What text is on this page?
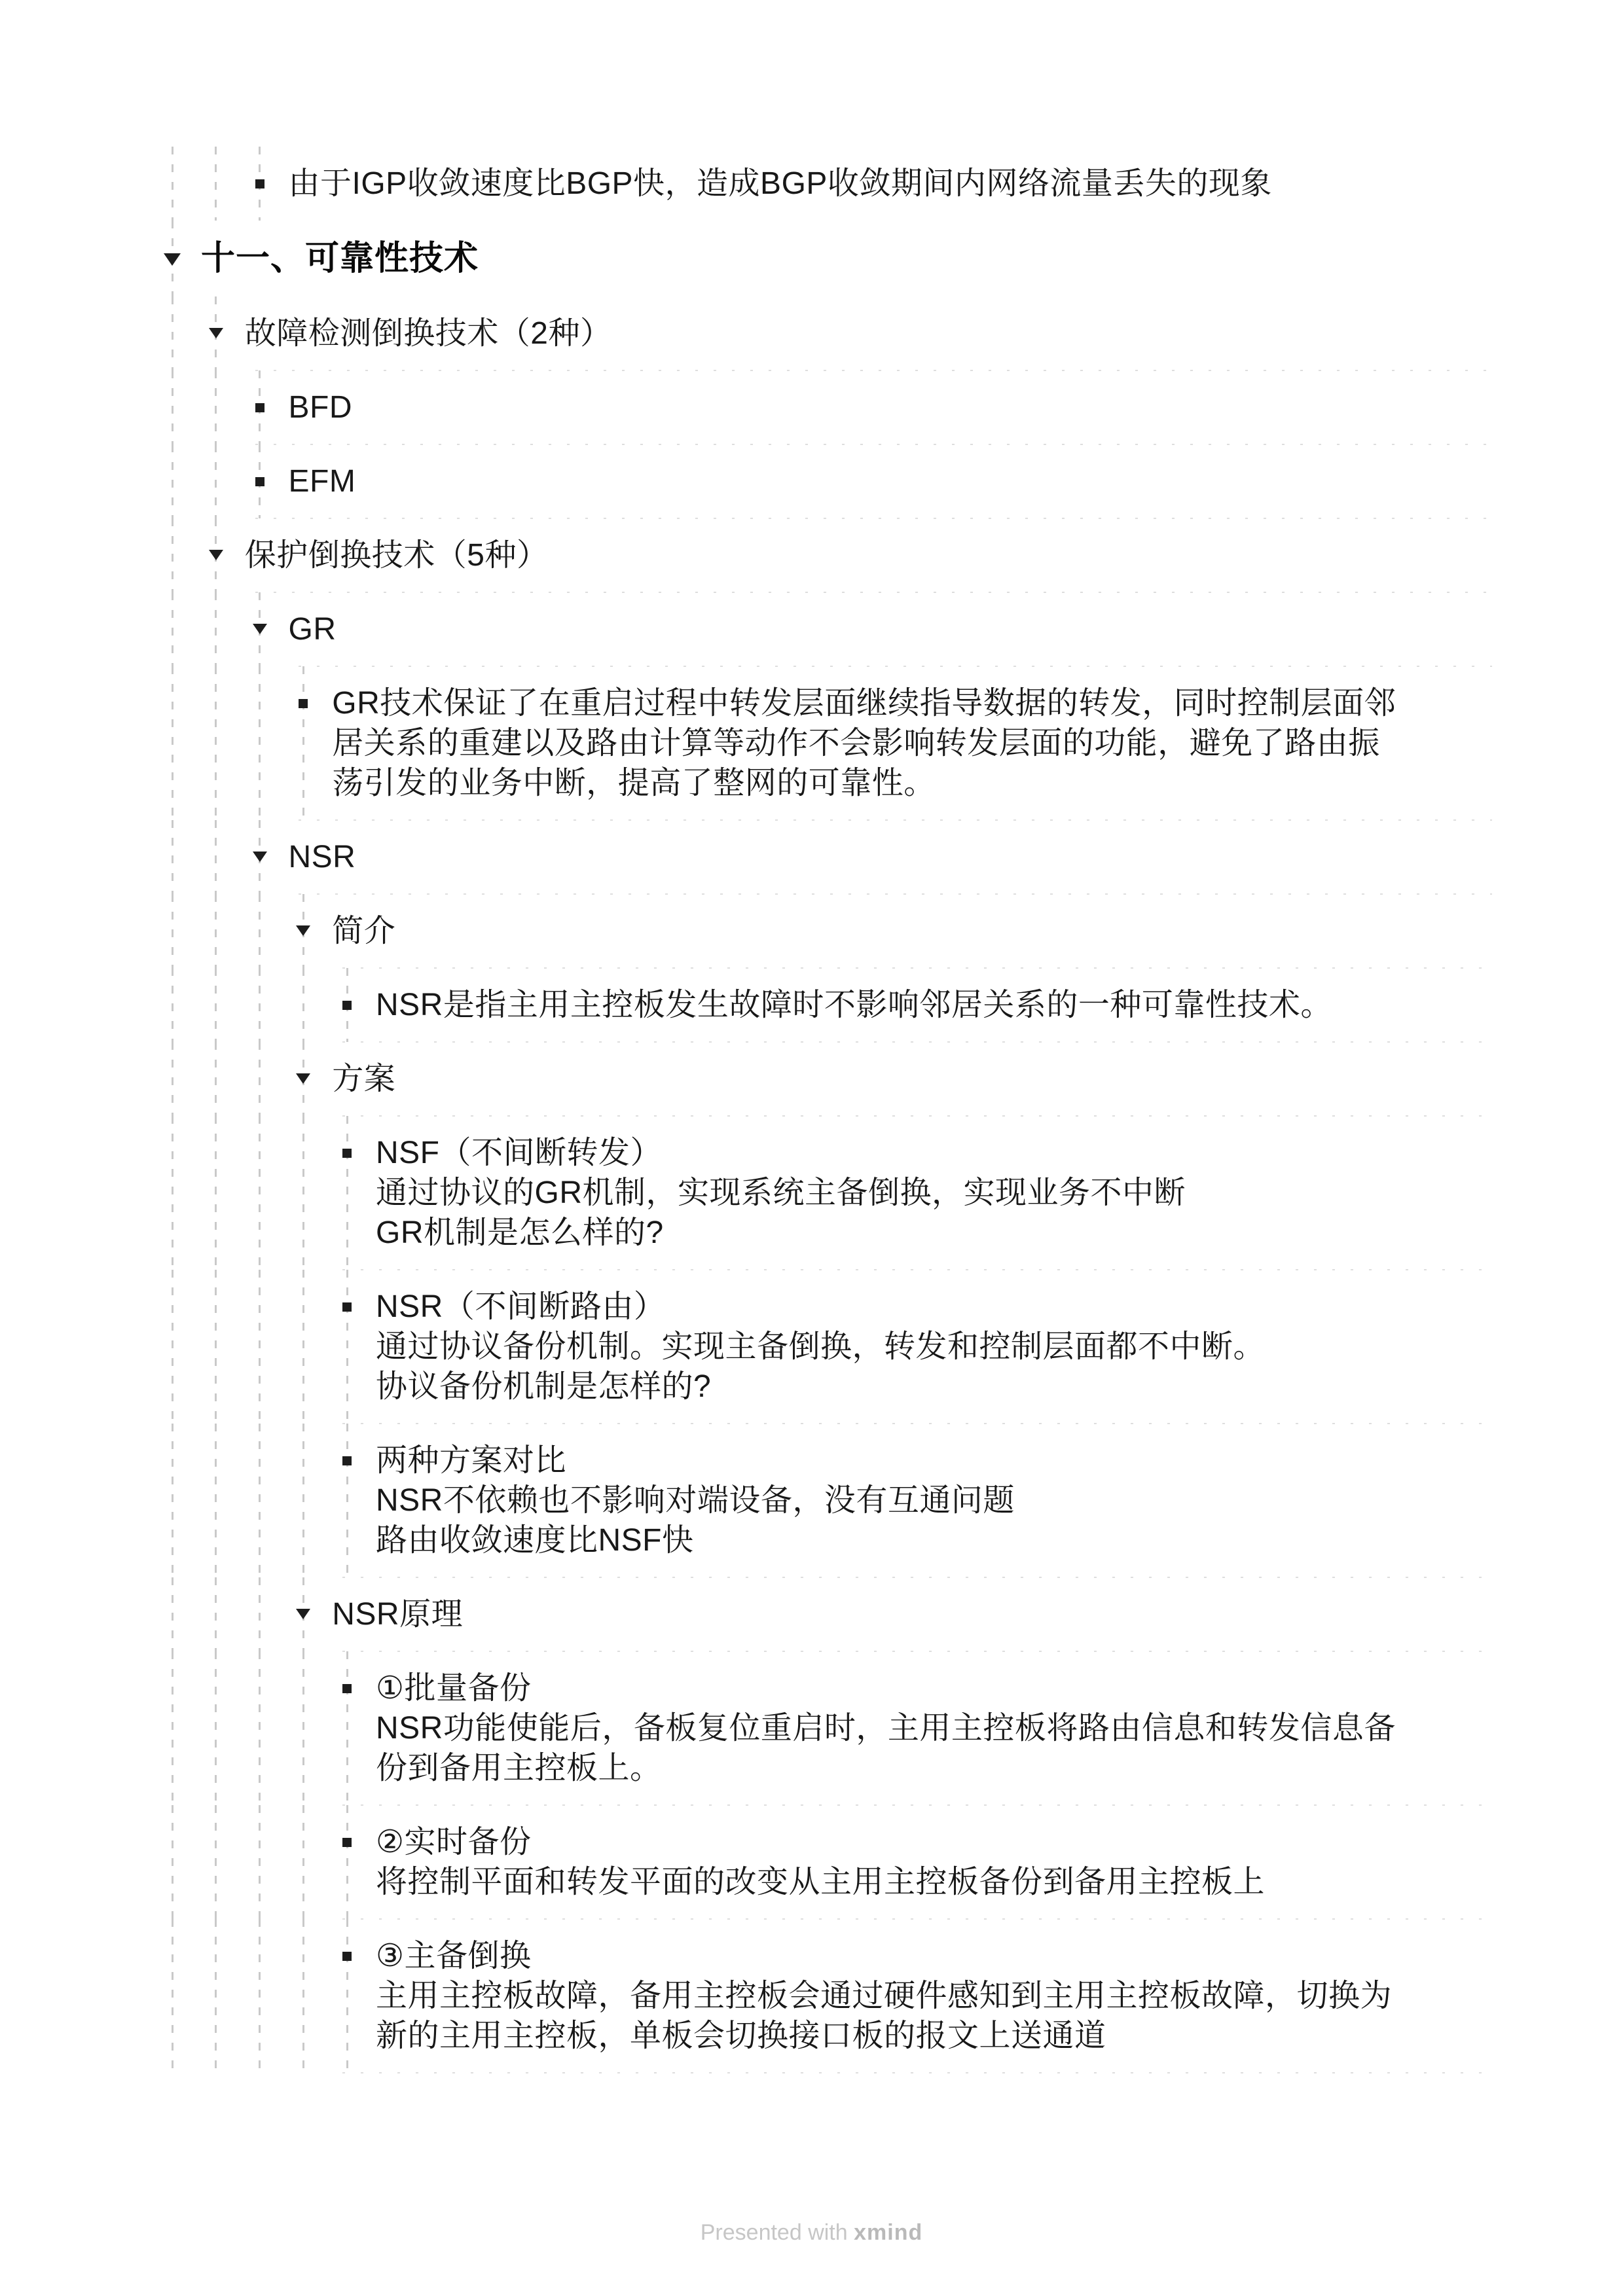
由于IGP收敛速度比BGP快，造成BGP收敛期间内网络流量丢失的现象
十一、可靠性技术
故障检测倒换技术（2种）
BFD
EFM
保护倒换技术（5种）
GR
GR技术保证了在重启过程中转发层面继续指导数据的转发，同时控制层面邻
居关系的重建以及路由计算等动作不会影响转发层面的功能，避免了路由振
荡引发的业务中断，提高了整网的可靠性。
NSR
简介
NSR是指主用主控板发生故障时不影响邻居关系的一种可靠性技术。
方案
NSF（不间断转发）
通过协议的GR机制，实现系统主备倒换，实现业务不中断
GR机制是怎么样的?
NSR（不间断路由）
通过协议备份机制。实现主备倒换，转发和控制层面都不中断。
协议备份机制是怎样的?
两种方案对比
NSR不依赖也不影响对端设备，没有互通问题
路由收敛速度比NSF快
NSR原理
①批量备份
NSR功能使能后，备板复位重启时，主用主控板将路由信息和转发信息备
份到备用主控板上。
②实时备份
将控制平面和转发平面的改变从主用主控板备份到备用主控板上
③主备倒换
主用主控板故障，备用主控板会通过硬件感知到主用主控板故障，切换为
新的主用主控板，单板会切换接口板的报文上送通道
Presented with xmind
